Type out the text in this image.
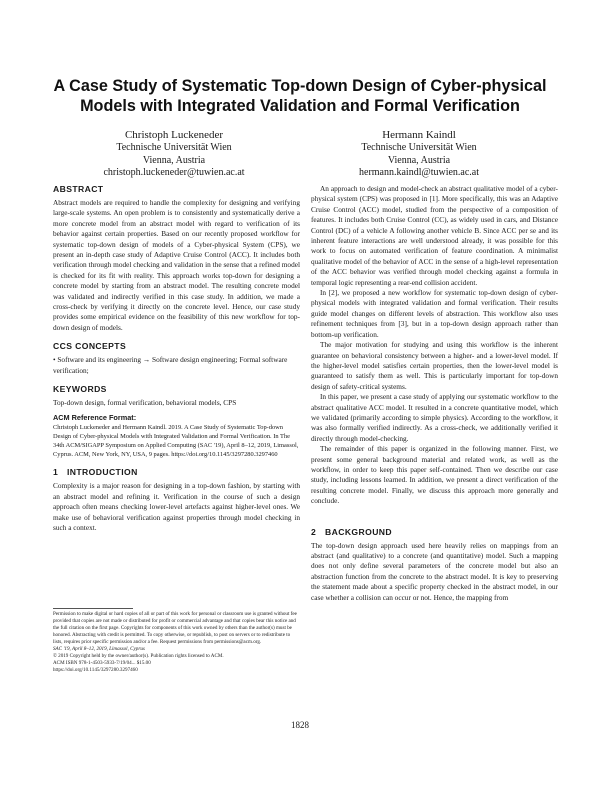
A Case Study of Systematic Top-down Design of Cyber-physical
Models with Integrated Validation and Formal Verification
Christoph Luckeneder
Technische Universität Wien
Vienna, Austria
christoph.luckeneder@tuwien.ac.at
Hermann Kaindl
Technische Universität Wien
Vienna, Austria
hermann.kaindl@tuwien.ac.at
ABSTRACT

Abstract models are required to handle the complexity for designing and verifying large-scale systems. An open problem is to consistently and systematically derive a more concrete model from an abstract model with regard to verification of its behavior against certain properties. Based on our recently proposed workflow for systematic top-down design of models of a Cyber-physical System (CPS), we present an in-depth case study of Adaptive Cruise Control (ACC). It includes both verification through model checking and validation in the sense that a refined model is checked for its fit with reality. This approach works top-down for designing a concrete model by starting from an abstract model. The resulting concrete model was validated and indirectly verified in this case study. In addition, we made a cross-check by verifying it directly on the concrete level. Hence, our case study provides some empirical evidence on the feasibility of this new workflow for top-down design of models.

CCS CONCEPTS

• Software and its engineering → Software design engineering; Formal software verification;

KEYWORDS

Top-down design, formal verification, behavioral models, CPS

ACM Reference Format:

Christoph Luckeneder and Hermann Kaindl. 2019. A Case Study of Systematic Top-down Design of Cyber-physical Models with Integrated Validation and Formal Verification. In The 34th ACM/SIGAPP Symposium on Applied Computing (SAC '19), April 8–12, 2019, Limassol, Cyprus. ACM, New York, NY, USA, 9 pages. https://doi.org/10.1145/3297280.3297460

1 INTRODUCTION

Complexity is a major reason for designing in a top-down fashion, by starting with an abstract model and refining it. Verification in the course of such a design approach often means checking lower-level artefacts against higher-level ones. We make use of behavioral verification against properties through model checking in such a context.

Permission to make digital or hard copies of all or part of this work for personal or classroom use is granted without fee provided that copies are not made or distributed for profit or commercial advantage and that copies bear this notice and the full citation on the first page. Copyrights for components of this work owned by others than the author(s) must be honored. Abstracting with credit is permitted. To copy otherwise, or republish, to post on servers or to redistribute to lists, requires prior specific permission and/or a fee. Request permissions from permissions@acm.org.
SAC '19, April 8–12, 2019, Limassol, Cyprus
© 2019 Copyright held by the owner/author(s). Publication rights licensed to ACM.
ACM ISBN 978-1-4503-5933-7/19/04... $15.00
https://doi.org/10.1145/3297280.3297460

An approach to design and model-check an abstract qualitative model of a cyber-physical system (CPS) was proposed in [1]. More specifically, this was an Adaptive Cruise Control (ACC) model, studied from the perspective of a composition of features. It includes both Cruise Control (CC), as widely used in cars, and Distance Control (DC) of a vehicle A following another vehicle B. Since ACC per se and its inherent feature interactions are well understood already, it was possible for this work to focus on automated verification of feature coordination. A minimalist qualitative model of the behavior of ACC in the sense of a high-level representation of the ACC behavior was verified through model checking against a formula in temporal logic representing a rear-end collision accident.

In [2], we proposed a new workflow for systematic top-down design of cyber-physical models with integrated validation and formal verification. Their results guide model changes on different levels of abstraction. This workflow also uses refinement techniques from [3], but in a top-down design approach rather than bottom-up verification.

The major motivation for studying and using this workflow is the inherent guarantee on behavioral consistency between a higher- and a lower-level model. If the higher-level model satisfies certain properties, then the lower-level model is guaranteed to satisfy them as well. This is particularly important for top-down design of safety-critical systems.

In this paper, we present a case study of applying our systematic workflow to the abstract qualitative ACC model. It resulted in a concrete quantitative model, which we validated (primarily according to simple physics). According to the workflow, it was also formally verified indirectly. As a cross-check, we additionally verified it directly through model-checking.

The remainder of this paper is organized in the following manner. First, we present some general background material and related work, as well as the workflow, in order to keep this paper self-contained. Then we describe our case study, including lessons learned. In addition, we present a direct verification of the resulting concrete model. Finally, we discuss this approach more generally and conclude.

2 BACKGROUND

The top-down design approach used here heavily relies on mappings from an abstract (and qualitative) to a concrete (and quantitative) model. Such a mapping does not only define several parameters of the concrete model but also an abstraction function from the concrete to the abstract model. It is key to preserving the statement made about a specific property checked in the abstract model, in our case whether a collision can occur or not. Hence, the mapping from

1828
